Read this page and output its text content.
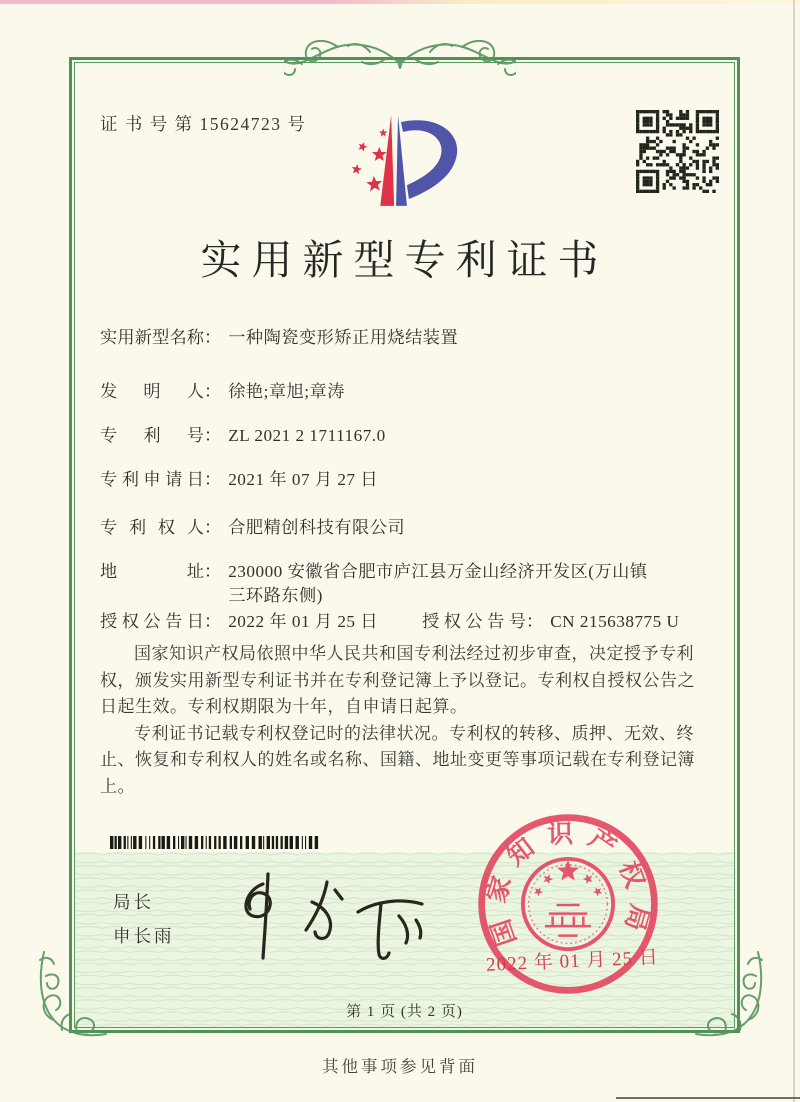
证 书 号 第 15624723 号
实用新型专利证书
实用新型名称 ： 一种陶瓷变形矫正用烧结装置
发明人 ： 徐艳;章旭;章涛
专利号 ： ZL 2021 2 1711167.0
专利申请日 ： 2021 年 07 月 27 日
专利权人 ： 合肥精创科技有限公司
地址 ： 230000 安徽省合肥市庐江县万金山经济开发区(万山镇三环路东侧)
授权公告日 ： 2022 年 01 月 25 日	授权公告号 ： CN 215638775 U

国家知识产权局依照中华人民共和国专利法经过初步审查，决定授予专利权，颁发实用新型专利证书并在专利登记簿上予以登记。专利权自授权公告之日起生效。专利权期限为十年，自申请日起算。

专利证书记载专利权登记时的法律状况。专利权的转移、质押、无效、终止、恢复和专利权人的姓名或名称、国籍、地址变更等事项记载在专利登记簿上。

局长
申长雨	国家知识产权局
2022 年 01 月 25 日
第 1 页 (共 2 页)
其他事项参见背面
